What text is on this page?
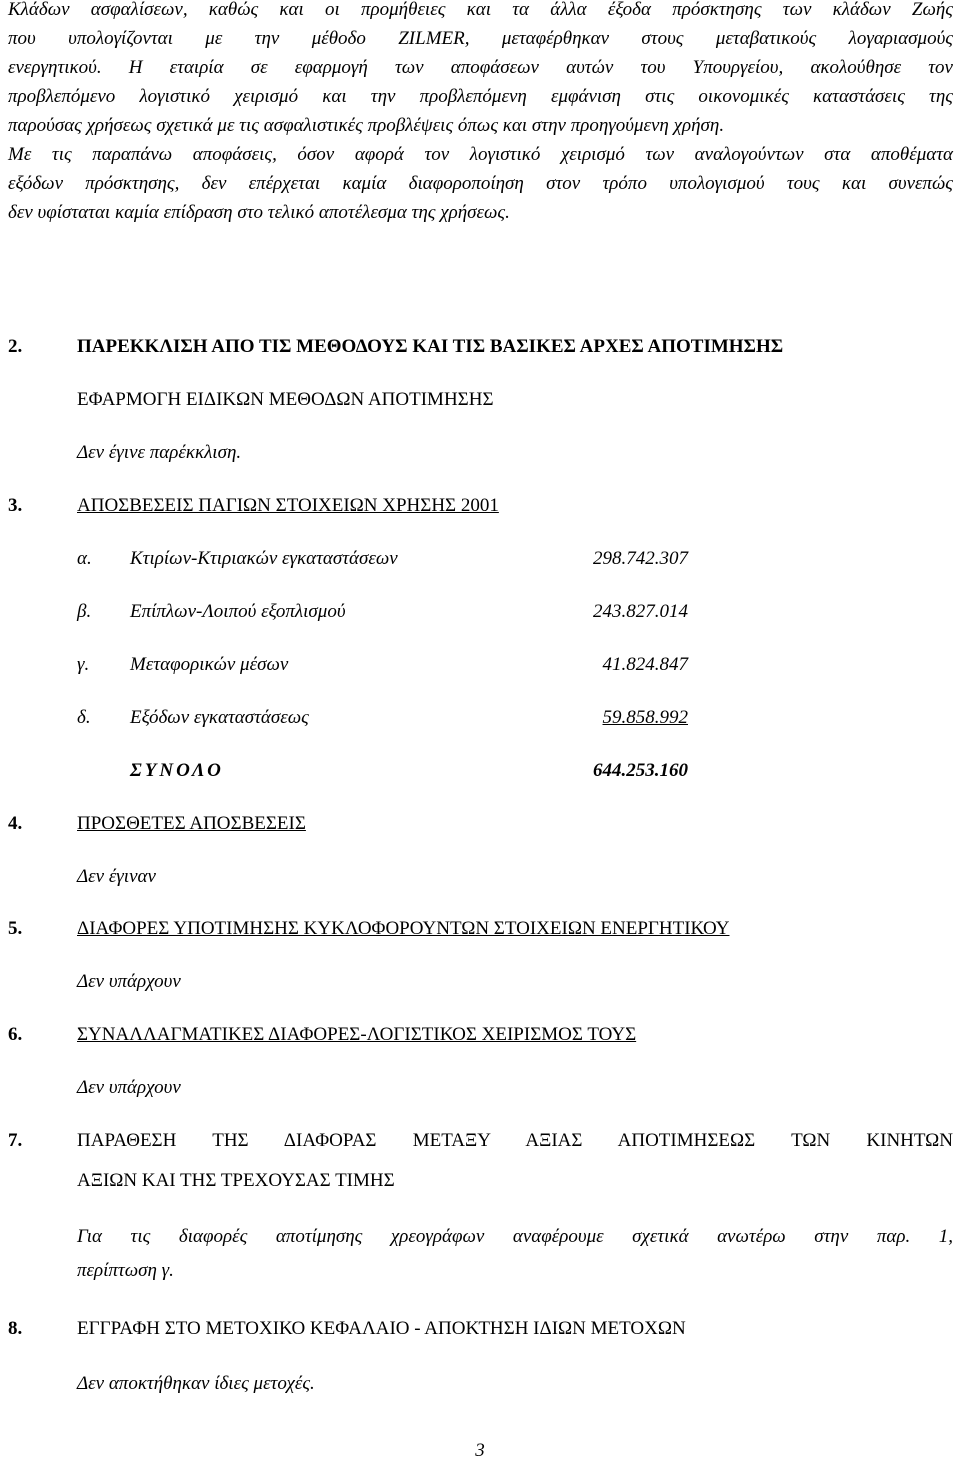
Κλάδων ασφαλίσεων, καθώς και οι προμήθειες και τα άλλα έξοδα πρόσκτησης των κλάδων Ζωής
που υπολογίζονται με την μέθοδο ZILMER, μεταφέρθηκαν στους μεταβατικούς λογαριασμούς
ενεργητικού. Η εταιρία σε εφαρμογή των αποφάσεων αυτών του Υπουργείου, ακολούθησε τον
προβλεπόμενο λογιστικό χειρισμό και την προβλεπόμενη εμφάνιση στις οικονομικές καταστάσεις της
παρούσας χρήσεως σχετικά με τις ασφαλιστικές προβλέψεις όπως και στην προηγούμενη χρήση.
Με τις παραπάνω αποφάσεις, όσον αφορά τον λογιστικό χειρισμό των αναλογούντων στα αποθέματα
εξόδων πρόσκτησης, δεν επέρχεται καμία διαφοροποίηση στον τρόπο υπολογισμού τους και συνεπώς
δεν υφίσταται καμία επίδραση στο τελικό αποτέλεσμα της χρήσεως.
2.	ΠΑΡΕΚΚΛΙΣΗ ΑΠΟ ΤΙΣ ΜΕΘΟΔΟΥΣ ΚΑΙ ΤΙΣ ΒΑΣΙΚΕΣ ΑΡΧΕΣ ΑΠΟΤΙΜΗΣΗΣ
ΕΦΑΡΜΟΓΗ ΕΙΔΙΚΩΝ ΜΕΘΟΔΩΝ ΑΠΟΤΙΜΗΣΗΣ
Δεν έγινε παρέκκλιση.
3.	ΑΠΟΣΒΕΣΕΙΣ ΠΑΓΙΩΝ ΣΤΟΙΧΕΙΩΝ ΧΡΗΣΗΣ 2001
α. Κτιρίων-Κτιριακών εγκαταστάσεων	298.742.307
β. Επίπλων-Λοιπού εξοπλισμού	243.827.014
γ. Μεταφορικών μέσων	41.824.847
δ. Εξόδων εγκαταστάσεως	59.858.992
ΣΥΝΟΛΟ	644.253.160
4.	ΠΡΟΣΘΕΤΕΣ ΑΠΟΣΒΕΣΕΙΣ
Δεν έγιναν
5.	ΔΙΑΦΟΡΕΣ ΥΠΟΤΙΜΗΣΗΣ ΚΥΚΛΟΦΟΡΟΥΝΤΩΝ ΣΤΟΙΧΕΙΩΝ ΕΝΕΡΓΗΤΙΚΟΥ
Δεν υπάρχουν
6.	ΣΥΝΑΛΛΑΓΜΑΤΙΚΕΣ ΔΙΑΦΟΡΕΣ-ΛΟΓΙΣΤΙΚΟΣ ΧΕΙΡΙΣΜΟΣ ΤΟΥΣ
Δεν υπάρχουν
7.	ΠΑΡΑΘΕΣΗ ΤΗΣ ΔΙΑΦΟΡΑΣ ΜΕΤΑΞΥ ΑΞΙΑΣ ΑΠΟΤΙΜΗΣΕΩΣ ΤΩΝ ΚΙΝΗΤΩΝ
ΑΞΙΩΝ ΚΑΙ ΤΗΣ ΤΡΕΧΟΥΣΑΣ ΤΙΜΗΣ
Για τις διαφορές αποτίμησης χρεογράφων αναφέρουμε σχετικά ανωτέρω στην παρ. 1,
περίπτωση γ.
8.	ΕΓΓΡΑΦΗ ΣΤΟ ΜΕΤΟΧΙΚΟ ΚΕΦΑΛΑΙΟ - ΑΠΟΚΤΗΣΗ ΙΔΙΩΝ ΜΕΤΟΧΩΝ
Δεν αποκτήθηκαν ίδιες μετοχές.
3
